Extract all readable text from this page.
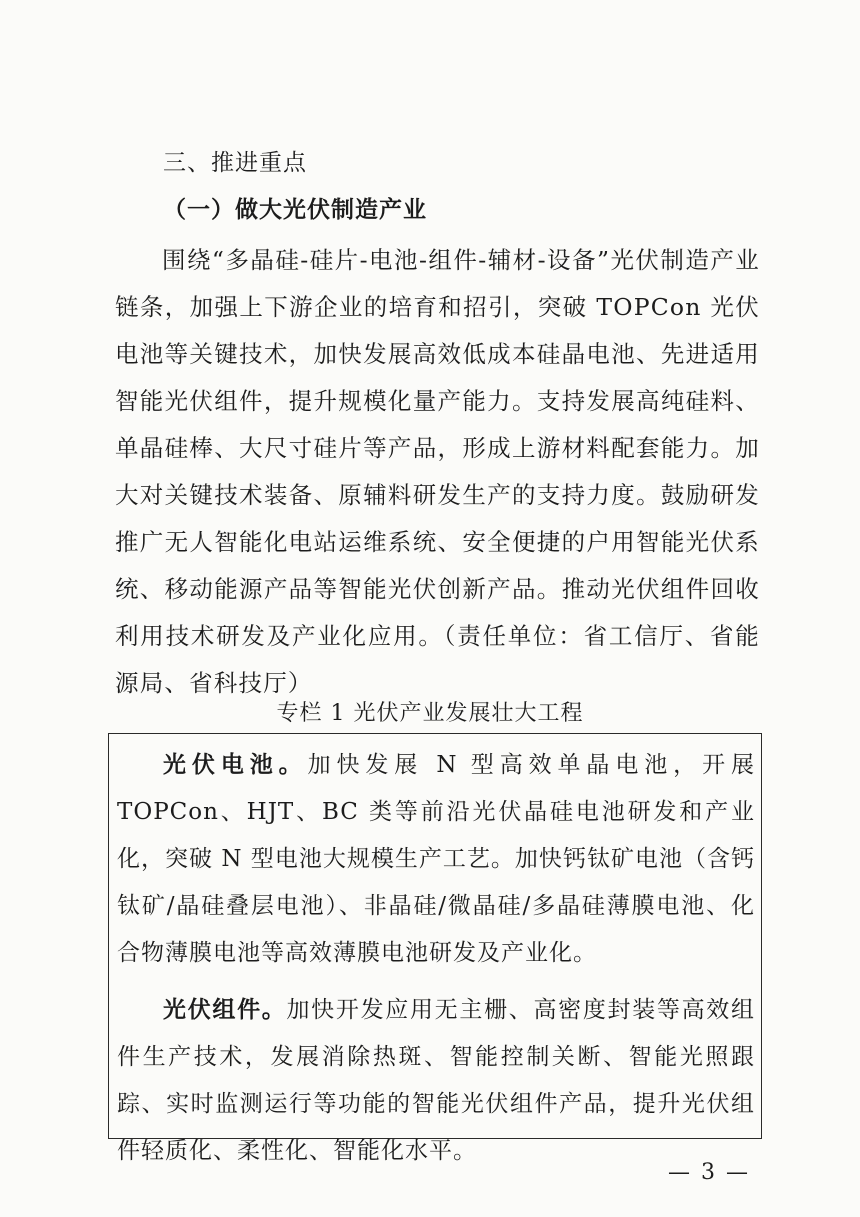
三、推进重点
（一）做大光伏制造产业

围绕“多晶硅-硅片-电池-组件-辅材-设备”光伏制造产业链条，加强上下游企业的培育和招引，突破 TOPCon 光伏电池等关键技术，加快发展高效低成本硅晶电池、先进适用智能光伏组件，提升规模化量产能力。支持发展高纯硅料、单晶硅棒、大尺寸硅片等产品，形成上游材料配套能力。加大对关键技术装备、原辅料研发生产的支持力度。鼓励研发推广无人智能化电站运维系统、安全便捷的户用智能光伏系统、移动能源产品等智能光伏创新产品。推动光伏组件回收利用技术研发及产业化应用。（责任单位：省工信厅、省能源局、省科技厅）

专栏 1 光伏产业发展壮大工程

光伏电池。加快发展 N 型高效单晶电池，开展 TOPCon、HJT、BC 类等前沿光伏晶硅电池研发和产业化，突破 N 型电池大规模生产工艺。加快钙钛矿电池（含钙钛矿/晶硅叠层电池）、非晶硅/微晶硅/多晶硅薄膜电池、化合物薄膜电池等高效薄膜电池研发及产业化。

光伏组件。加快开发应用无主栅、高密度封装等高效组件生产技术，发展消除热斑、智能控制关断、智能光照跟踪、实时监测运行等功能的智能光伏组件产品，提升光伏组件轻质化、柔性化、智能化水平。

— 3 —
